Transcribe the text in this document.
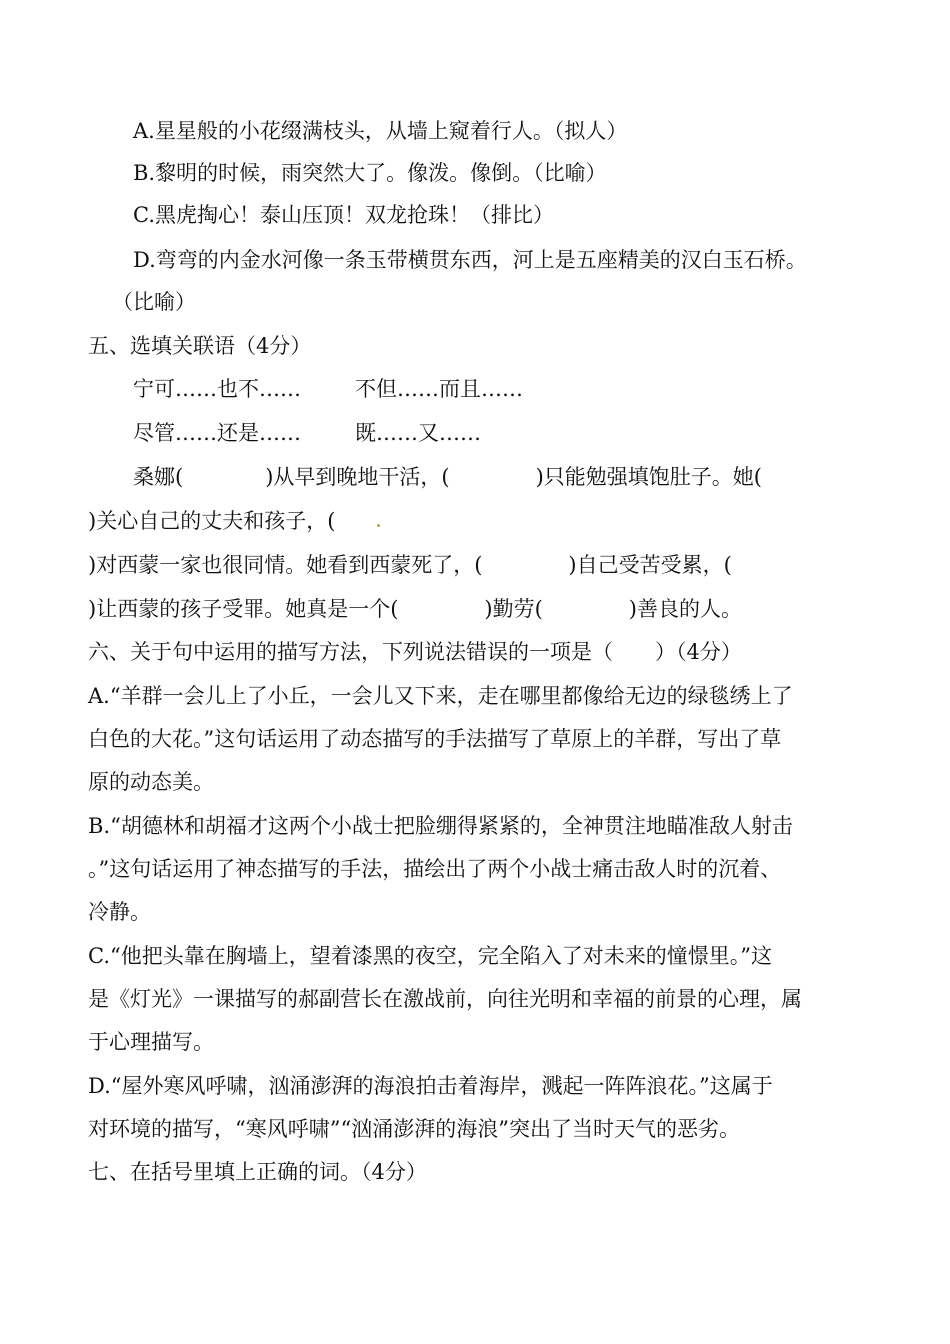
A.星星般的小花缀满枝头，从墙上窥着行人。（拟人）
B.黎明的时候，雨突然大了。像泼。像倒。（比喻）
C.黑虎掏心！泰山压顶！双龙抢珠！（排比）
D.弯弯的内金水河像一条玉带横贯东西，河上是五座精美的汉白玉石桥。
（比喻）
五、选填关联语（4分）
宁可……也不……	不但……而且……
尽管……还是……	既……又……
桑娜(	)从早到晚地干活，(	)只能勉强填饱肚子。她(
)关心自己的丈夫和孩子，(
)对西蒙一家也很同情。她看到西蒙死了，(	)自己受苦受累，(
)让西蒙的孩子受罪。她真是一个(	)勤劳(	)善良的人。
六、关于句中运用的描写方法，下列说法错误的一项是（　　）（4分）
A.“羊群一会儿上了小丘，一会儿又下来，走在哪里都像给无边的绿毯绣上了
白色的大花。”这句话运用了动态描写的手法描写了草原上的羊群，写出了草
原的动态美。
B.“胡德林和胡福才这两个小战士把脸绷得紧紧的，全神贯注地瞄准敌人射击
。”这句话运用了神态描写的手法，描绘出了两个小战士痛击敌人时的沉着、
冷静。
C.“他把头靠在胸墙上，望着漆黑的夜空，完全陷入了对未来的憧憬里。”这
是《灯光》一课描写的郝副营长在激战前，向往光明和幸福的前景的心理，属
于心理描写。
D.“屋外寒风呼啸，汹涌澎湃的海浪拍击着海岸，溅起一阵阵浪花。”这属于
对环境的描写，“寒风呼啸”“汹涌澎湃的海浪”突出了当时天气的恶劣。
七、在括号里填上正确的词。（4分）
